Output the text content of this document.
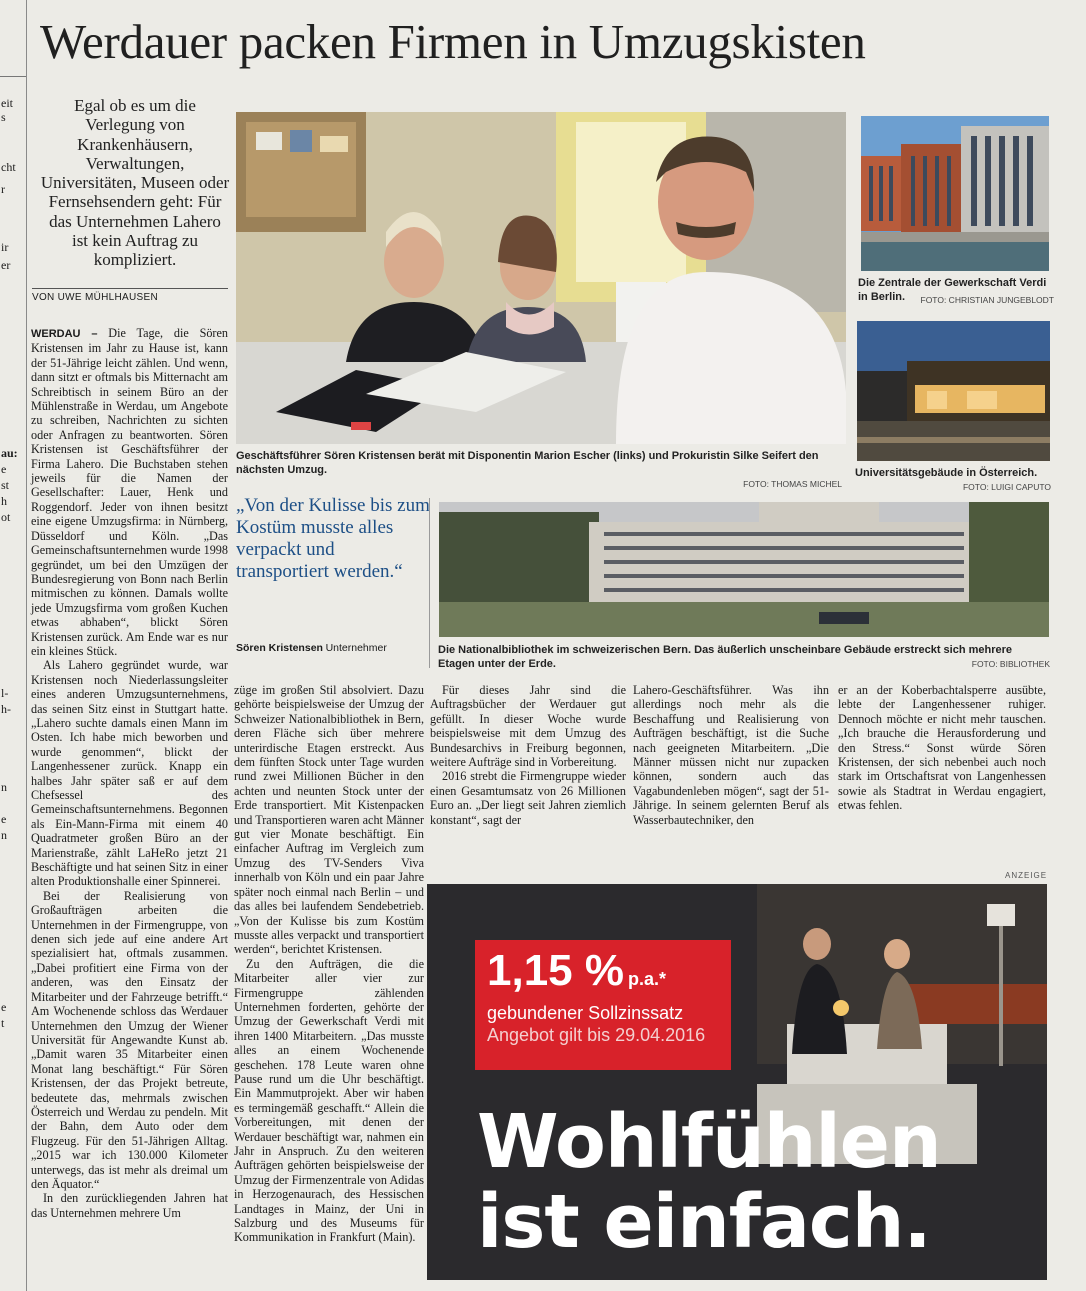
eit
s
cht
r
ir
er
au:
e
st
h
ot
l-
h-
n
e
n
e
t
Werdauer packen Firmen in Umzugskisten
Egal ob es um die Verlegung von Krankenhäusern, Verwaltungen, Universitäten, Museen oder Fernsehsendern geht: Für das Unternehmen Lahero ist kein Auftrag zu kompliziert.
VON UWE MÜHLHAUSEN
Geschäftsführer Sören Kristensen berät mit Disponentin Marion Escher (links) und Prokuristin Silke Seifert den nächsten Umzug.
FOTO: THOMAS MICHEL
Die Zentrale der Gewerkschaft Verdi in Berlin. FOTO: CHRISTIAN JUNGEBLODT
Universitätsgebäude in Österreich.
FOTO: LUIGI CAPUTO
„Von der Kulisse bis zum Kostüm musste alles verpackt und transportiert werden.“
Sören Kristensen Unternehmer	Die Nationalbibliothek im schweizerischen Bern. Das äußerlich unscheinbare Gebäude erstreckt sich mehrere Etagen unter der Erde.	FOTO: BIBLIOTHEK

WERDAU – Die Tage, die Sören Kristensen im Jahr zu Hause ist, kann der 51-Jährige leicht zählen. Und wenn, dann sitzt er oftmals bis Mitternacht am Schreibtisch in seinem Büro an der Mühlenstraße in Werdau, um Angebote zu schreiben, Nachrichten zu sichten oder Anfragen zu beantworten. Sören Kristensen ist Geschäftsführer der Firma Lahero. Die Buchstaben stehen jeweils für die Namen der Gesellschafter: Lauer, Henk und Roggendorf. Jeder von ihnen besitzt eine eigene Umzugsfirma: in Nürnberg, Düsseldorf und Köln. „Das Gemeinschaftsunternehmen wurde 1998 gegründet, um bei den Umzügen der Bundesregierung von Bonn nach Berlin mitmischen zu können. Damals wollte jede Umzugsfirma vom großen Kuchen etwas abhaben“, blickt Sören Kristensen zurück. Am Ende war es nur ein kleines Stück.

Als Lahero gegründet wurde, war Kristensen noch Niederlassungsleiter eines anderen Umzugsunternehmens, das seinen Sitz einst in Stuttgart hatte. „Lahero suchte damals einen Mann im Osten. Ich habe mich beworben und wurde genommen“, blickt der Langenhessener zurück. Knapp ein halbes Jahr später saß er auf dem Chefsessel des Gemeinschaftsunternehmens. Begonnen als Ein-Mann-Firma mit einem 40 Quadratmeter großen Büro an der Marienstraße, zählt LaHeRo jetzt 21 Beschäftigte und hat seinen Sitz in einer alten Produktionshalle einer Spinnerei.

Bei der Realisierung von Großaufträgen arbeiten die Unternehmen in der Firmengruppe, von denen sich jede auf eine andere Art spezialisiert hat, oftmals zusammen. „Dabei profitiert eine Firma von der anderen, was den Einsatz der Mitarbeiter und der Fahrzeuge betrifft.“ Am Wochenende schloss das Werdauer Unternehmen den Umzug der Wiener Universität für Angewandte Kunst ab. „Damit waren 35 Mitarbeiter einen Monat lang beschäftigt.“ Für Sören Kristensen, der das Projekt betreute, bedeutete das, mehrmals zwischen Österreich und Werdau zu pendeln. Mit der Bahn, dem Auto oder dem Flugzeug. Für den 51-Jährigen Alltag. „2015 war ich 130.000 Kilometer unterwegs, das ist mehr als dreimal um den Äquator.“

In den zurückliegenden Jahren hat das Unternehmen mehrere Um

züge im großen Stil absolviert. Dazu gehörte beispielsweise der Umzug der Schweizer Nationalbibliothek in Bern, deren Fläche sich über mehrere unterirdische Etagen erstreckt. Aus dem fünften Stock unter Tage wurden rund zwei Millionen Bücher in den achten und neunten Stock unter der Erde transportiert. Mit Kistenpacken und Transportieren waren acht Männer gut vier Monate beschäftigt. Ein einfacher Auftrag im Vergleich zum Umzug des TV-Senders Viva innerhalb von Köln und ein paar Jahre später noch einmal nach Berlin – und das alles bei laufendem Sendebetrieb. „Von der Kulisse bis zum Kostüm musste alles verpackt und transportiert werden“, berichtet Kristensen.

Zu den Aufträgen, die die Mitarbeiter aller vier zur Firmengruppe zählenden Unternehmen forderten, gehörte der Umzug der Gewerkschaft Verdi mit ihren 1400 Mitarbeitern. „Das musste alles an einem Wochenende geschehen. 178 Leute waren ohne Pause rund um die Uhr beschäftigt. Ein Mammutprojekt. Aber wir haben es termingemäß geschafft.“ Allein die Vorbereitungen, mit denen der Werdauer beschäftigt war, nahmen ein Jahr in Anspruch. Zu den weiteren Aufträgen gehörten beispielsweise der Umzug der Firmenzentrale von Adidas in Herzogenaurach, des Hessischen Landtages in Mainz, der Uni in Salzburg und des Museums für Kommunikation in Frankfurt (Main).

Für dieses Jahr sind die Auftragsbücher der Werdauer gut gefüllt. In dieser Woche wurde beispielsweise mit dem Umzug des Bundesarchivs in Freiburg begonnen, weitere Aufträge sind in Vorbereitung.

2016 strebt die Firmengruppe wieder einen Gesamtumsatz von 26 Millionen Euro an. „Der liegt seit Jahren ziemlich konstant“, sagt der

Lahero-Geschäftsführer. Was ihn allerdings noch mehr als die Beschaffung und Realisierung von Aufträgen beschäftigt, ist die Suche nach geeigneten Mitarbeitern. „Die Männer müssen nicht nur zupacken können, sondern auch das Vagabundenleben mögen“, sagt der 51-Jährige. In seinem gelernten Beruf als Wasserbautechniker, den

er an der Koberbachtalsperre ausübte, lebte der Langenhessener ruhiger. Dennoch möchte er nicht mehr tauschen. „Ich brauche die Herausforderung und den Stress.“ Sonst würde Sören Kristensen, der sich nebenbei auch noch stark im Ortschaftsrat von Langenhessen sowie als Stadtrat in Werdau engagiert, etwas fehlen.

ANZEIGE
1,15 % p.a.*
gebundener Sollzinssatz
Angebot gilt bis 29.04.2016
Wohlfühlen
ist einfach.
